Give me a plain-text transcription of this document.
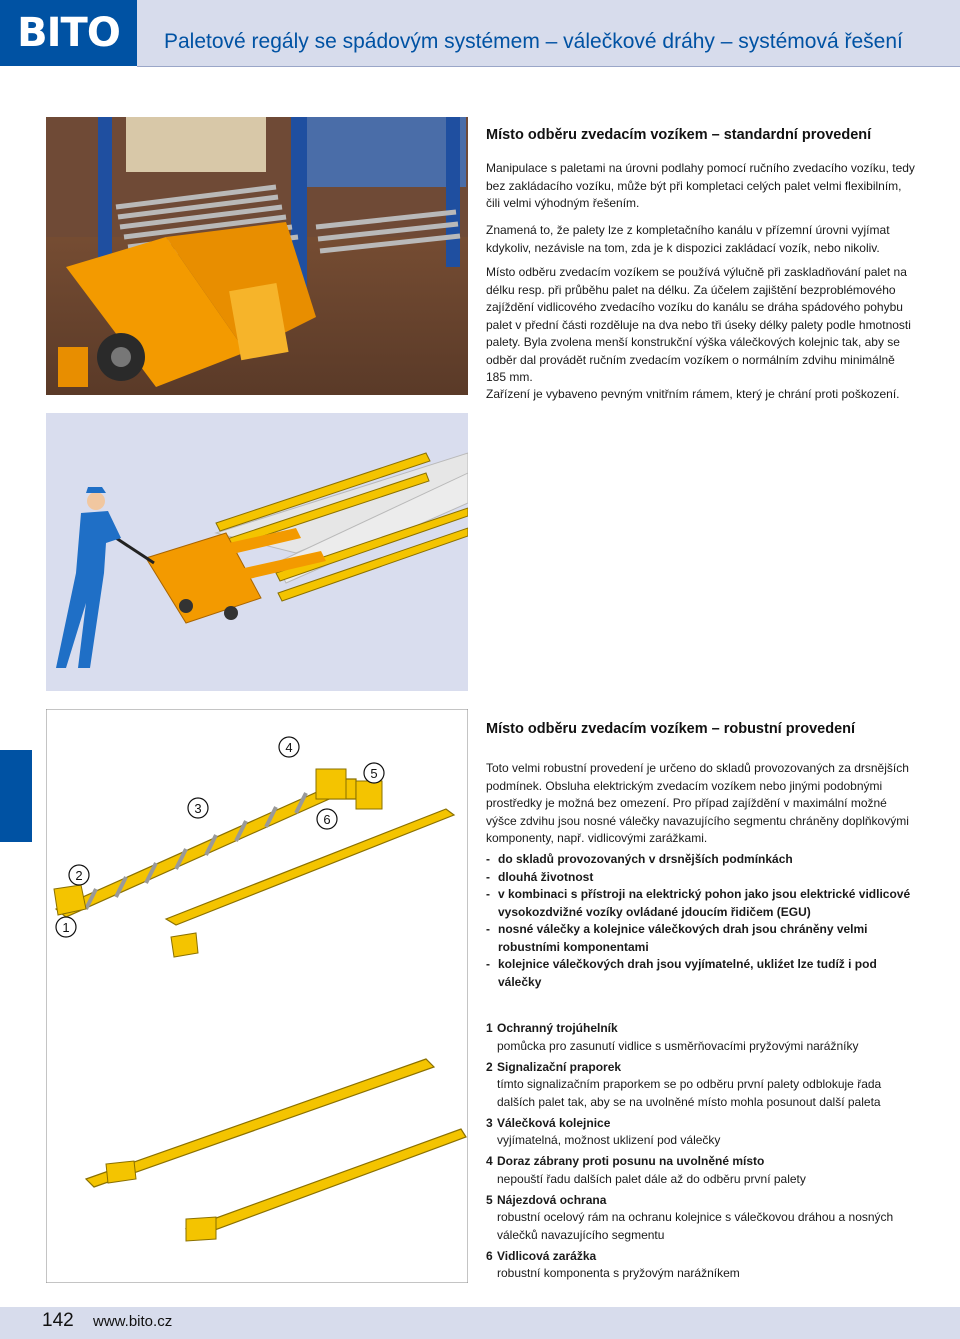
BITO	Paletové regály se spádovým systémem – válečkové dráhy – systémová řešení
1
2
3
4
5
6
Místo odběru zvedacím vozíkem – standardní provedení

Manipulace s paletami na úrovni podlahy pomocí ručního zvedacího vozíku, tedy bez zakládacího vozíku, může být při kompletaci celých palet velmi flexibilním, čili velmi výhodným řešením.

Znamená to, že palety lze z kompletačního kanálu v přízemní úrovni vyjímat kdykoliv, nezávisle na tom, zda je k dispozici zakládací vozík, nebo nikoliv.

Místo odběru zvedacím vozíkem se používá výlučně při zaskladňování palet na délku resp. při průběhu palet na délku. Za účelem zajištění bezproblémového zajíždění vidlicového zvedacího vozíku do kanálu se dráha spádového pohybu palet v přední části rozděluje na dva nebo tři úseky délky palety podle hmotnosti palety. Byla zvolena menší konstrukční výška válečkových kolejnic tak, aby se odběr dal provádět ručním zvedacím vozíkem o normálním zdvihu minimálně 185 mm.

Zařízení je vybaveno pevným vnitřním rámem, který je chrání proti poškození.

Místo odběru zvedacím vozíkem – robustní provedení

Toto velmi robustní provedení je určeno do skladů provozovaných za drsnějších podmínek. Obsluha elektrickým zvedacím vozíkem nebo jinými podobnými prostředky je možná bez omezení. Pro případ zajíždění v maximální možné výšce zdvihu jsou nosné válečky navazujícího segmentu chráněny doplňkovými komponenty, např. vidlicovými zarážkami.

- do skladů provozovaných v drsnějších podmínkách
- dlouhá životnost
- v kombinaci s přístroji na elektrický pohon jako jsou elektrické vidlicové vysokozdvižné vozíky ovládané jdoucím řidičem (EGU)
- nosné válečky a kolejnice válečkových drah jsou chráněny velmi robustními komponentami
- kolejnice válečkových drah jsou vyjímatelné, ukliźet lze tudíž i pod válečky
1 Ochranný trojúhelník
pomůcka pro zasunutí vidlice s usměrňovacími pryžovými narážníky
2 Signalizační praporek
tímto signalizačním praporkem se po odběru první palety odblokuje řada dalších palet tak, aby se na uvolněné místo mohla posunout další paleta
3 Válečková kolejnice
vyjímatelná, možnost uklizení pod válečky
4 Doraz zábrany proti posunu na uvolněné místo
nepouští řadu dalších palet dále až do odběru první palety
5 Nájezdová ochrana
robustní ocelový rám na ochranu kolejnice s válečkovou dráhou a nosných válečků navazujícího segmentu
6 Vidlicová zarážka
robustní komponenta s pryžovým narážníkem
142 www.bito.cz
